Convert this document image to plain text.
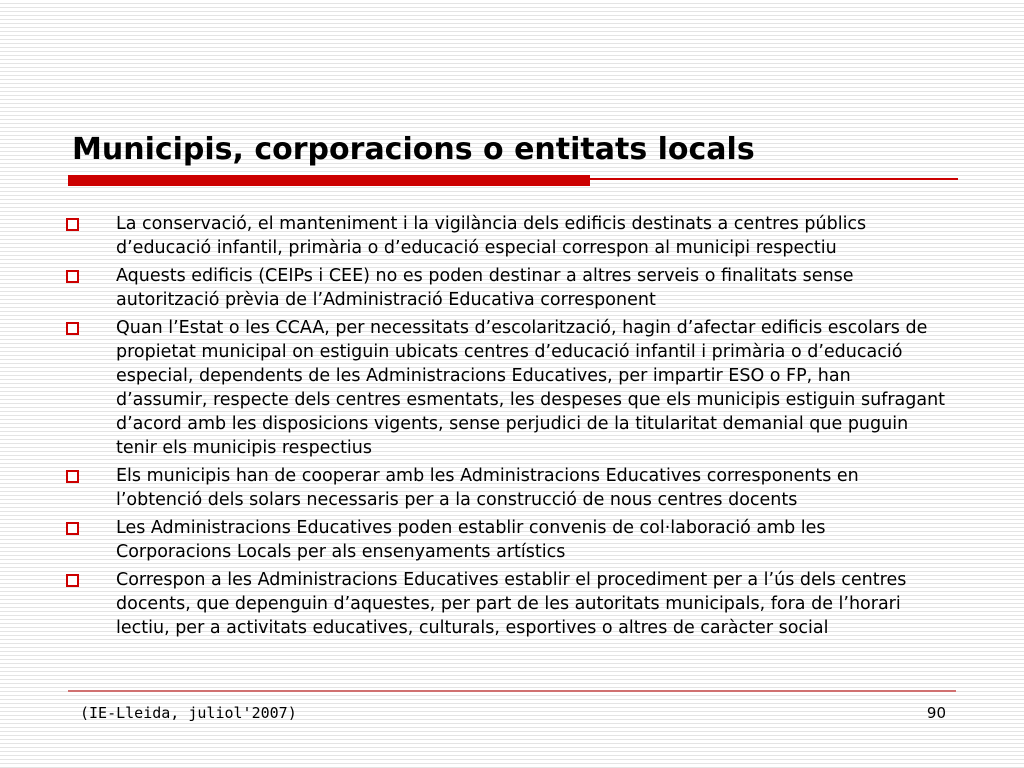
Municipis, corporacions o entitats locals
La conservació, el manteniment i la vigilància dels edificis destinats a centres públics d’educació infantil, primària o d’educació especial correspon al municipi respectiu
Aquests edificis (CEIPs i CEE) no es poden destinar a altres serveis o finalitats sense autorització prèvia de l’Administració Educativa corresponent
Quan l’Estat o les CCAA, per necessitats d’escolarització, hagin d’afectar edificis escolars de propietat municipal on estiguin ubicats centres d’educació infantil i primària o d’educació especial, dependents de les Administracions Educatives, per impartir ESO o FP, han d’assumir, respecte dels centres esmentats, les despeses que els municipis estiguin sufragant d’acord amb les disposicions vigents, sense perjudici de la titularitat demanial que puguin tenir els municipis respectius
Els municipis han de cooperar amb les Administracions Educatives corresponents en l’obtenció dels solars necessaris per a la construcció de nous centres docents
Les Administracions Educatives poden establir convenis de col·laboració amb les Corporacions Locals per als ensenyaments artístics
Correspon a les Administracions Educatives establir el procediment per a l’ús dels centres docents, que depenguin d’aquestes, per part de les autoritats municipals, fora de l’horari lectiu, per a activitats educatives, culturals, esportives o altres de caràcter social
(IE-Lleida, juliol'2007)	90
